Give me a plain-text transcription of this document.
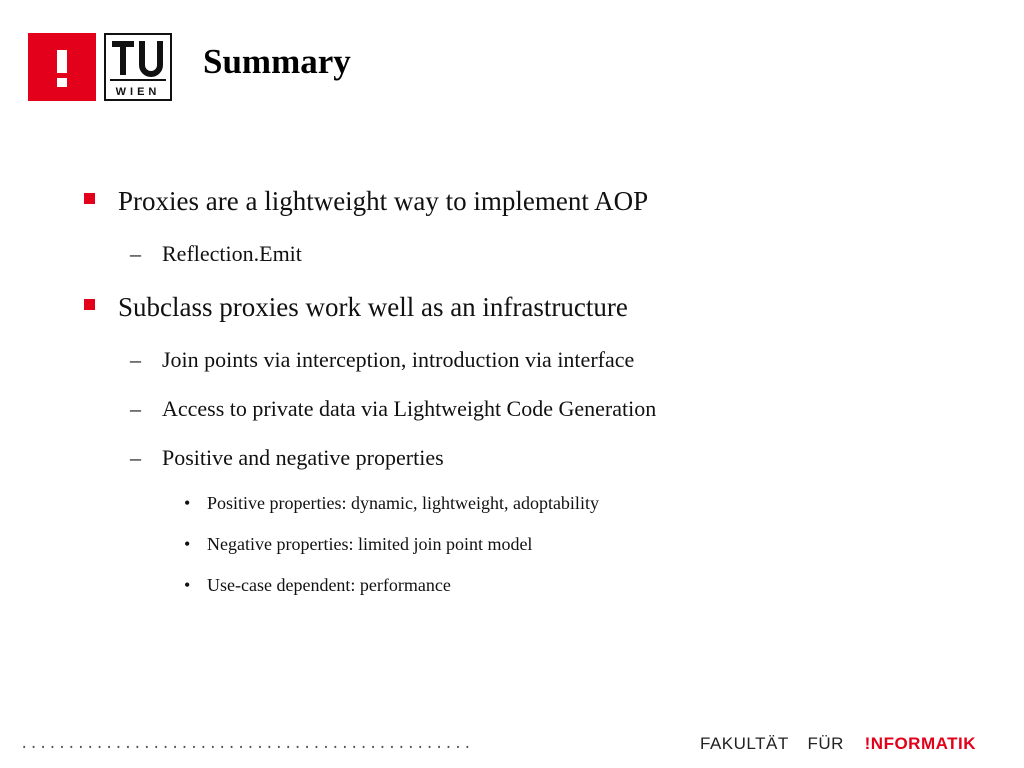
WIEN
Summary
Proxies are a lightweight way to implement AOP
– Reflection.Emit
Subclass proxies work well as an infrastructure
– Join points via interception, introduction via interface
– Access to private data via Lightweight Code Generation
– Positive and negative properties
• Positive properties: dynamic, lightweight, adoptability
• Negative properties: limited join point model
• Use-case dependent: performance
................................................	FAKULTÄT FÜR !NFORMATIK
